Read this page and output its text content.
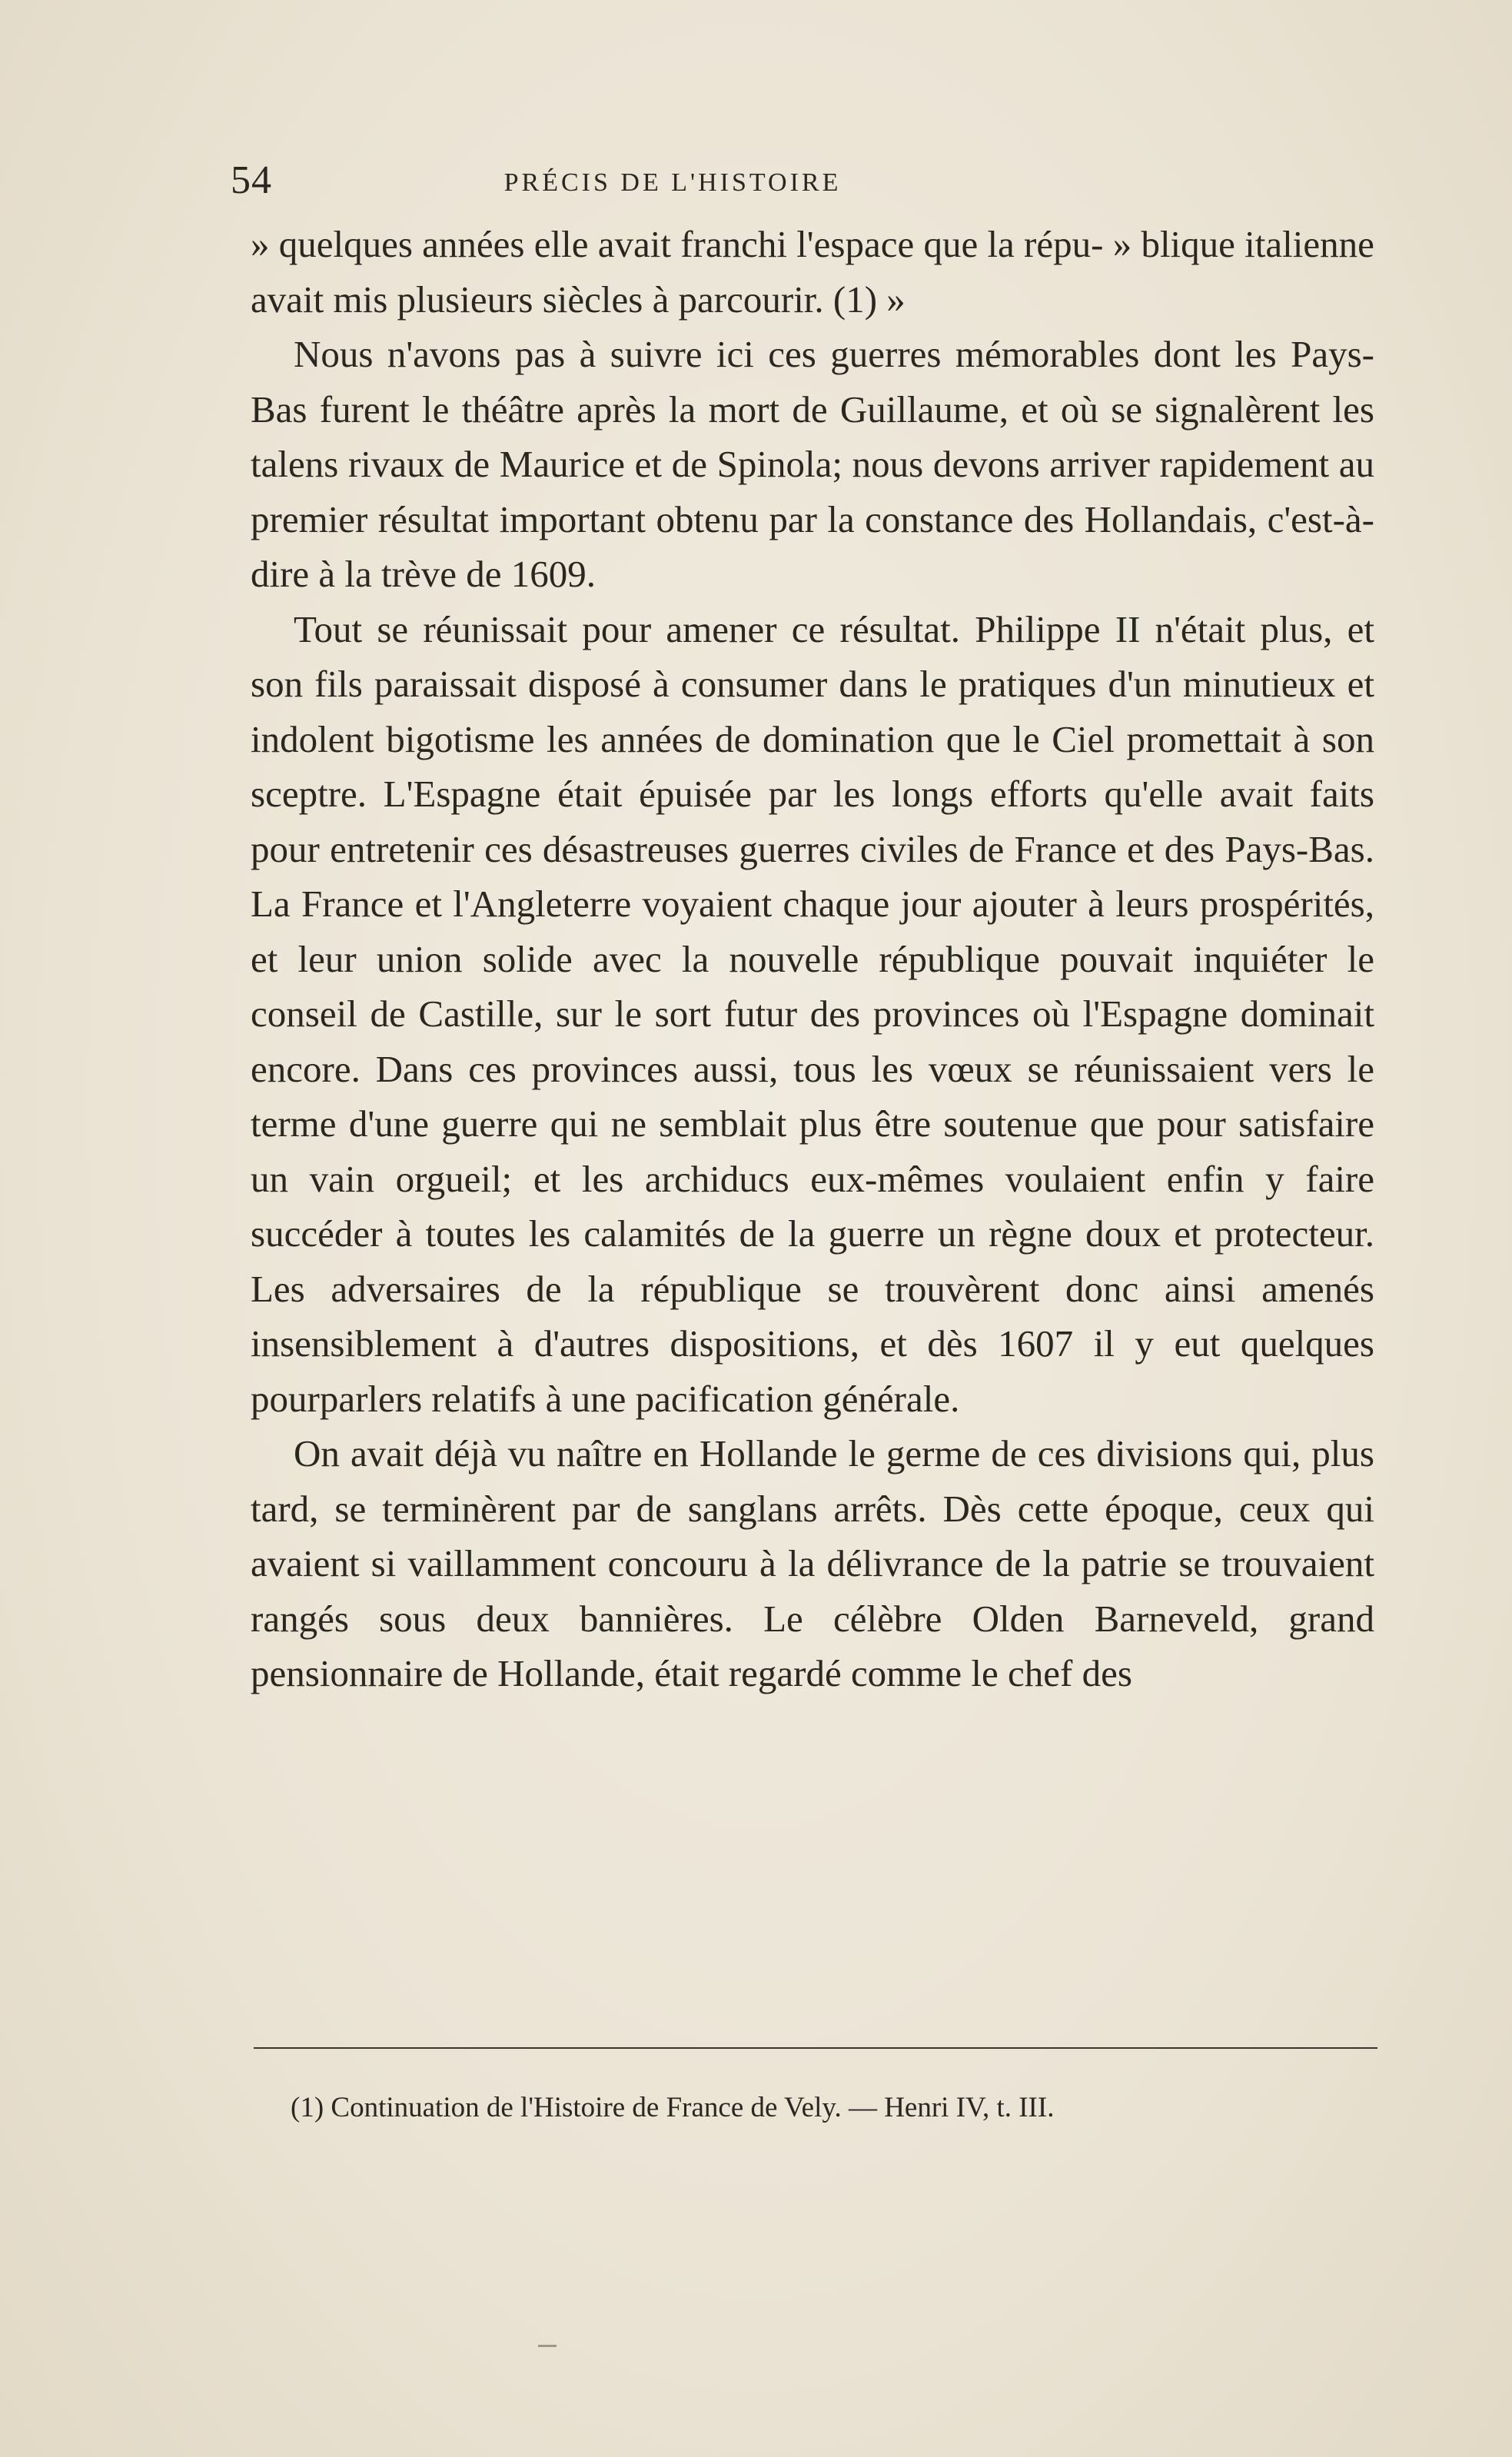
54	PRÉCIS DE L'HISTOIRE

» quelques années elle avait franchi l'espace que la répu- » blique italienne avait mis plusieurs siècles à parcourir. (1) »

Nous n'avons pas à suivre ici ces guerres mémorables dont les Pays-Bas furent le théâtre après la mort de Guillaume, et où se signalèrent les talens rivaux de Maurice et de Spinola; nous devons arriver rapidement au premier résultat important obtenu par la constance des Hollandais, c'est-à-dire à la trève de 1609.

Tout se réunissait pour amener ce résultat. Philippe II n'était plus, et son fils paraissait disposé à consumer dans le pratiques d'un minutieux et indolent bigotisme les années de domination que le Ciel promettait à son sceptre. L'Espagne était épuisée par les longs efforts qu'elle avait faits pour entretenir ces désastreuses guerres civiles de France et des Pays-Bas. La France et l'Angleterre voyaient chaque jour ajouter à leurs prospérités, et leur union solide avec la nouvelle république pouvait inquiéter le conseil de Castille, sur le sort futur des provinces où l'Espagne dominait encore. Dans ces provinces aussi, tous les vœux se réunissaient vers le terme d'une guerre qui ne semblait plus être soutenue que pour satisfaire un vain orgueil; et les archiducs eux-mêmes voulaient enfin y faire succéder à toutes les calamités de la guerre un règne doux et protecteur. Les adversaires de la république se trouvèrent donc ainsi amenés insensiblement à d'autres dispositions, et dès 1607 il y eut quelques pourparlers relatifs à une pacification générale.

On avait déjà vu naître en Hollande le germe de ces divisions qui, plus tard, se terminèrent par de sanglans arrêts. Dès cette époque, ceux qui avaient si vaillamment concouru à la délivrance de la patrie se trouvaient rangés sous deux bannières. Le célèbre Olden Barneveld, grand pensionnaire de Hollande, était regardé comme le chef des

(1) Continuation de l'Histoire de France de Vely. — Henri IV, t. III.
